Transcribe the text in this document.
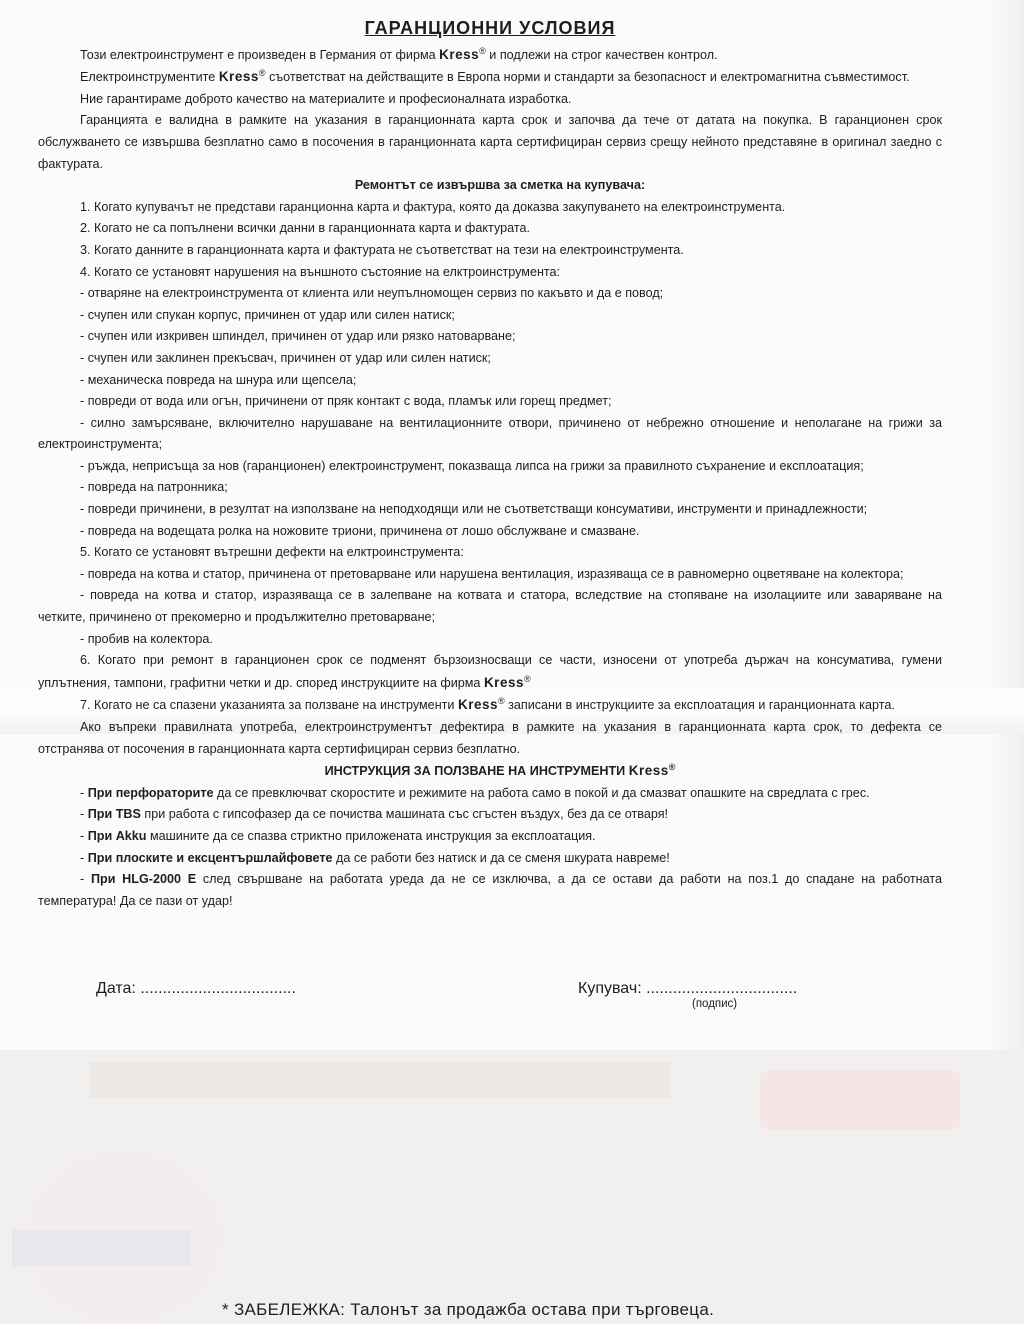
ГАРАНЦИОННИ УСЛОВИЯ

Този електроинструмент е произведен в Германия от фирма Kress® и подлежи на строг качествен контрол.

Електроинструментите Kress® съответстват на действащите в Европа норми и стандарти за безопасност и електромагнитна съвместимост.

Ние гарантираме доброто качество на материалите и професионалната изработка.

Гаранцията е валидна в рамките на указания в гаранционната карта срок и започва да тече от датата на покупка. В гаранционен срок обслужването се извършва безплатно само в посочения в гаранционната карта сертифициран сервиз срещу нейното представяне в оригинал заедно с фактурата.

Ремонтът се извършва за сметка на купувача:

1. Когато купувачът не представи гаранционна карта и фактура, която да доказва закупуването на електроинструмента.

2. Когато не са попълнени всички данни в гаранционната карта и фактурата.

3. Когато данните в гаранционната карта и фактурата не съответстват на тези на електроинструмента.

4. Когато се установят нарушения на външното състояние на елктроинструмента:

- отваряне на електроинструмента от клиента или неупълномощен сервиз по какъвто и да е повод;

- счупен или спукан корпус, причинен от удар или силен натиск;

- счупен или изкривен шпиндел, причинен от удар или рязко натоварване;

- счупен или заклинен прекъсвач, причинен от удар или силен натиск;

- механическа повреда на шнура или щепсела;

- повреди от вода или огън, причинени от пряк контакт с вода, пламък или горещ предмет;

- силно замърсяване, включително нарушаване на вентилационните отвори, причинено от небрежно отношение и неполагане на грижи за електроинструмента;

- ръжда, неприсъща за нов (гаранционен) електроинструмент, показваща липса на грижи за правилното съхранение и експлоатация;

- повреда на патронника;

- повреди причинени, в резултат на използване на неподходящи или не съответстващи консумативи, инструменти и принадлежности;

- повреда на водещата ролка на ножовите триони, причинена от лошо обслужване и смазване.

5. Когато се установят вътрешни дефекти на елктроинструмента:

- повреда на котва и статор, причинена от претоварване или нарушена вентилация, изразяваща се в равномерно оцветяване на колектора;

- повреда на котва и статор, изразяваща се в залепване на котвата и статора, вследствие на стопяване на изолациите или заваряване на четките, причинено от прекомерно и продължително претоварване;

- пробив на колектора.

6. Когато при ремонт в гаранционен срок се подменят бързоизносващи се части, износени от употреба държач на консуматива, гумени уплътнения, тампони, графитни четки и др. според инструкциите на фирма Kress®

7. Когато не са спазени указанията за ползване на инструменти Kress® записани в инструкциите за експлоатация и гаранционната карта.

Ако въпреки правилната употреба, електроинструментът дефектира в рамките на указания в гаранционната карта срок, то дефекта се отстранява от посочения в гаранционната карта сертифициран сервиз безплатно.

ИНСТРУКЦИЯ ЗА ПОЛЗВАНЕ НА ИНСТРУМЕНТИ Kress®

- При перфораторите да се превключват скоростите и режимите на работа само в покой и да смазват опашките на свредлата с грес.

- При TBS при работа с гипсофазер да се почиства машината със сгъстен въздух, без да се отваря!

- При Akku машините да се спазва стриктно приложената инструкция за експлоатация.

- При плоските и ексцентършлайфовете да се работи без натиск и да се сменя шкурата навреме!

- При HLG-2000 E след свършване на работата уреда да не се изключва, а да се остави да работи на поз.1 до спадане на работната температура! Да се пази от удар!

Дата: ...................................	Купувач: ..................................
(подпис)
* ЗАБЕЛЕЖКА: Талонът за продажба остава при търговеца.
